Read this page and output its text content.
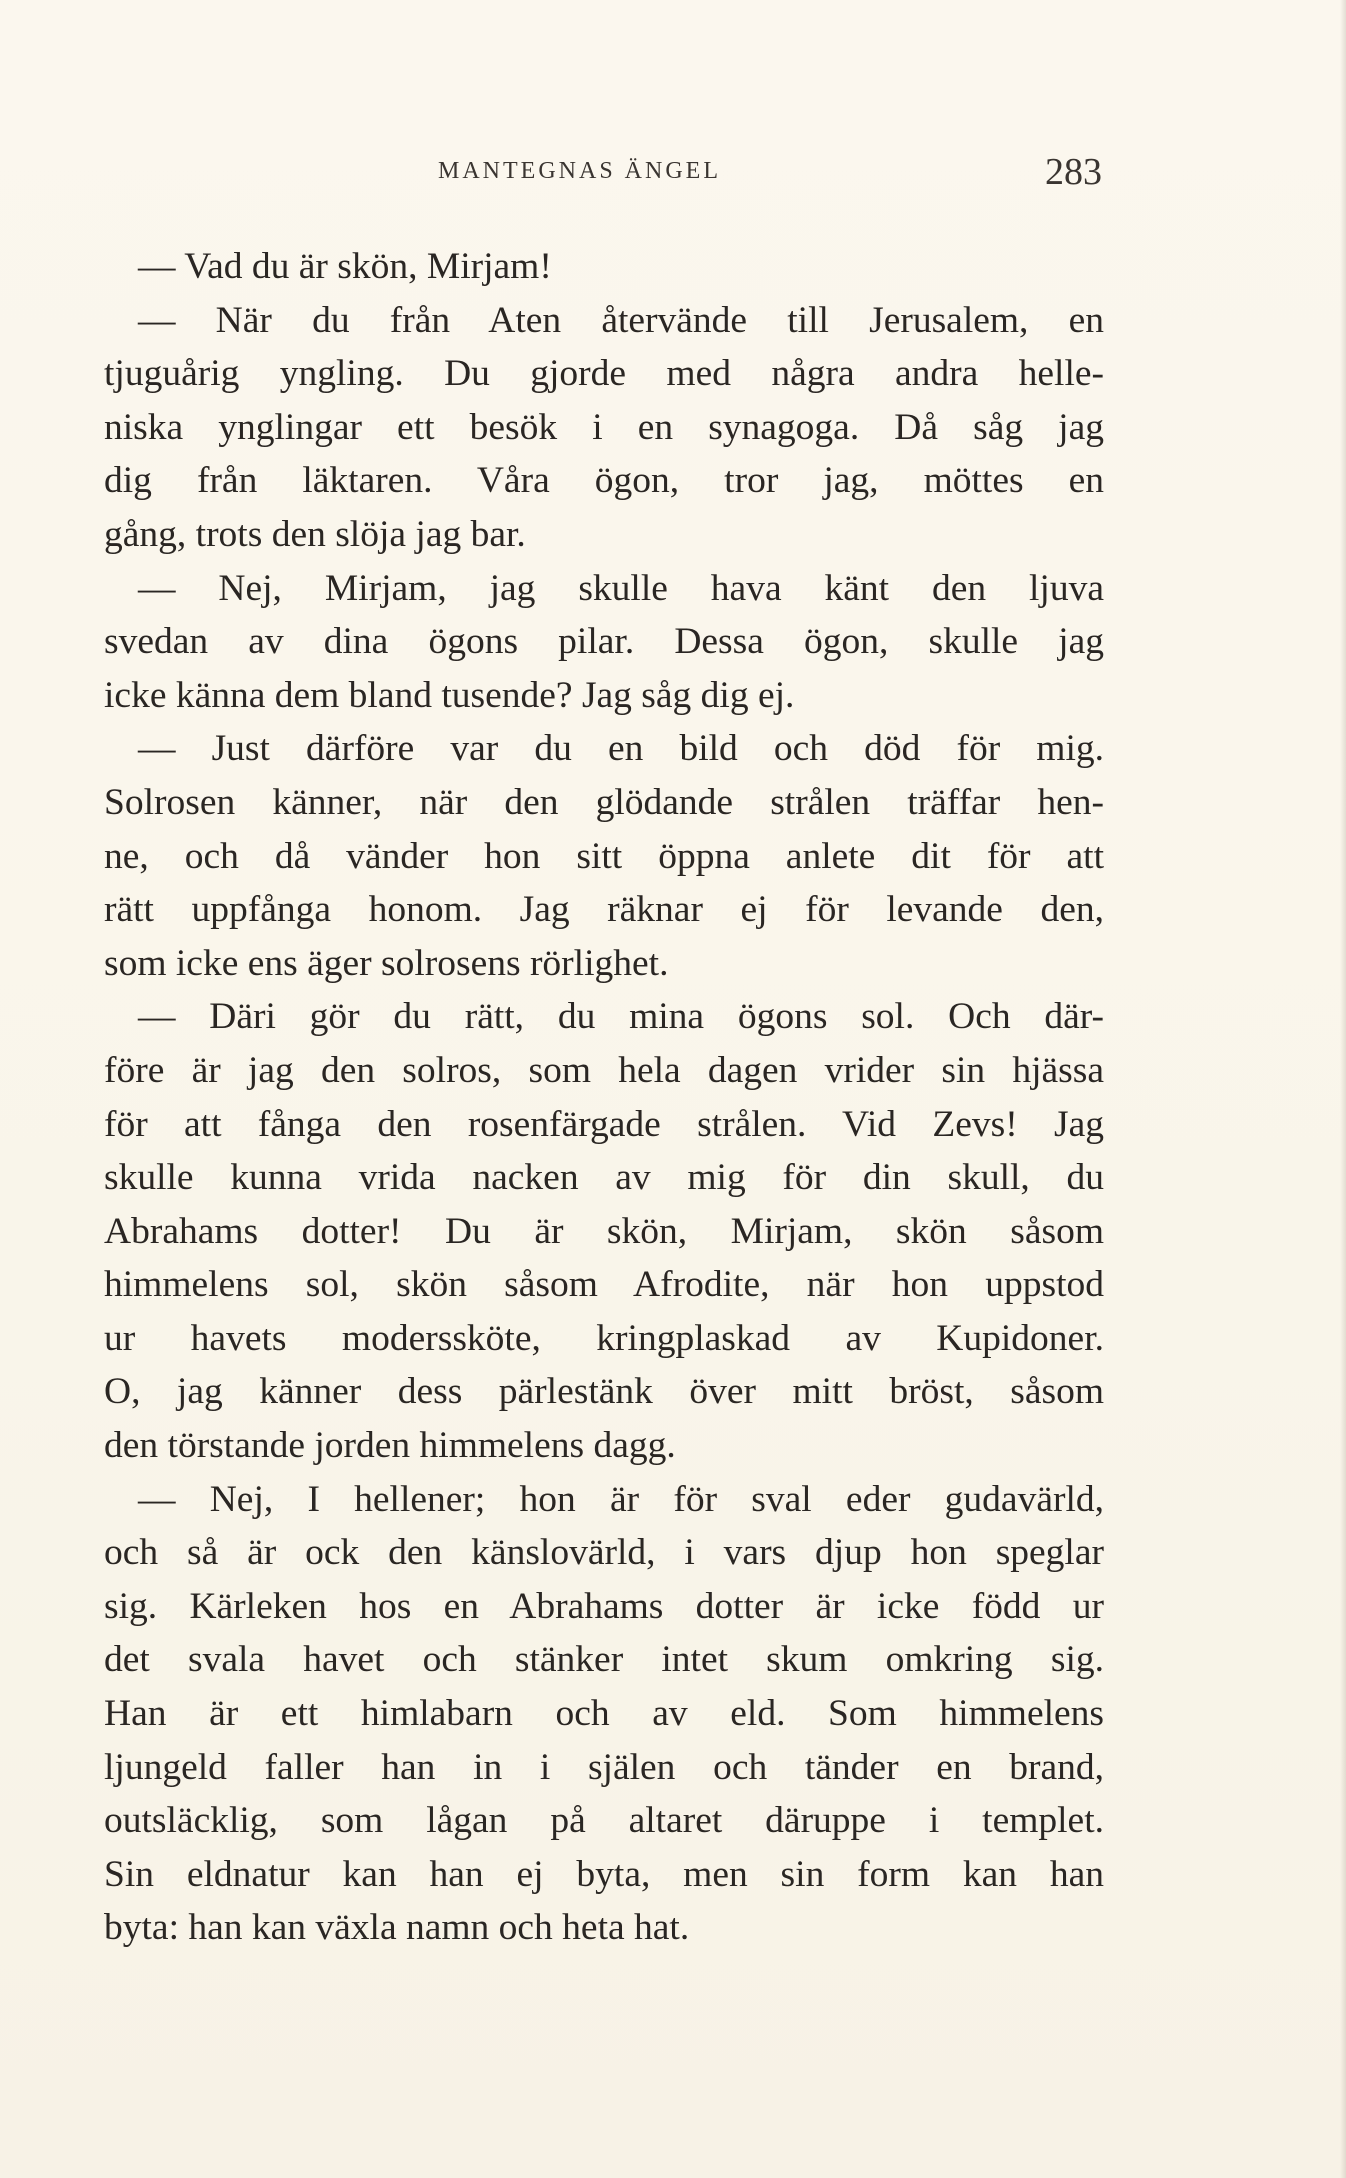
MANTEGNAS ÄNGEL	283
— Vad du är skön, Mirjam!
— När du från Aten återvände till Jerusalem, en
tjuguårig yngling. Du gjorde med några andra helle-
niska ynglingar ett besök i en synagoga. Då såg jag
dig från läktaren. Våra ögon, tror jag, möttes en
gång, trots den slöja jag bar.
— Nej, Mirjam, jag skulle hava känt den ljuva
svedan av dina ögons pilar. Dessa ögon, skulle jag
icke känna dem bland tusende? Jag såg dig ej.
— Just därföre var du en bild och död för mig.
Solrosen känner, när den glödande strålen träffar hen-
ne, och då vänder hon sitt öppna anlete dit för att
rätt uppfånga honom. Jag räknar ej för levande den,
som icke ens äger solrosens rörlighet.
— Däri gör du rätt, du mina ögons sol. Och där-
före är jag den solros, som hela dagen vrider sin hjässa
för att fånga den rosenfärgade strålen. Vid Zevs! Jag
skulle kunna vrida nacken av mig för din skull, du
Abrahams dotter! Du är skön, Mirjam, skön såsom
himmelens sol, skön såsom Afrodite, när hon uppstod
ur havets moderssköte, kringplaskad av Kupidoner.
O, jag känner dess pärlestänk över mitt bröst, såsom
den törstande jorden himmelens dagg.
— Nej, I hellener; hon är för sval eder gudavärld,
och så är ock den känslovärld, i vars djup hon speglar
sig. Kärleken hos en Abrahams dotter är icke född ur
det svala havet och stänker intet skum omkring sig.
Han är ett himlabarn och av eld. Som himmelens
ljungeld faller han in i själen och tänder en brand,
outsläcklig, som lågan på altaret däruppe i templet.
Sin eldnatur kan han ej byta, men sin form kan han
byta: han kan växla namn och heta hat.
